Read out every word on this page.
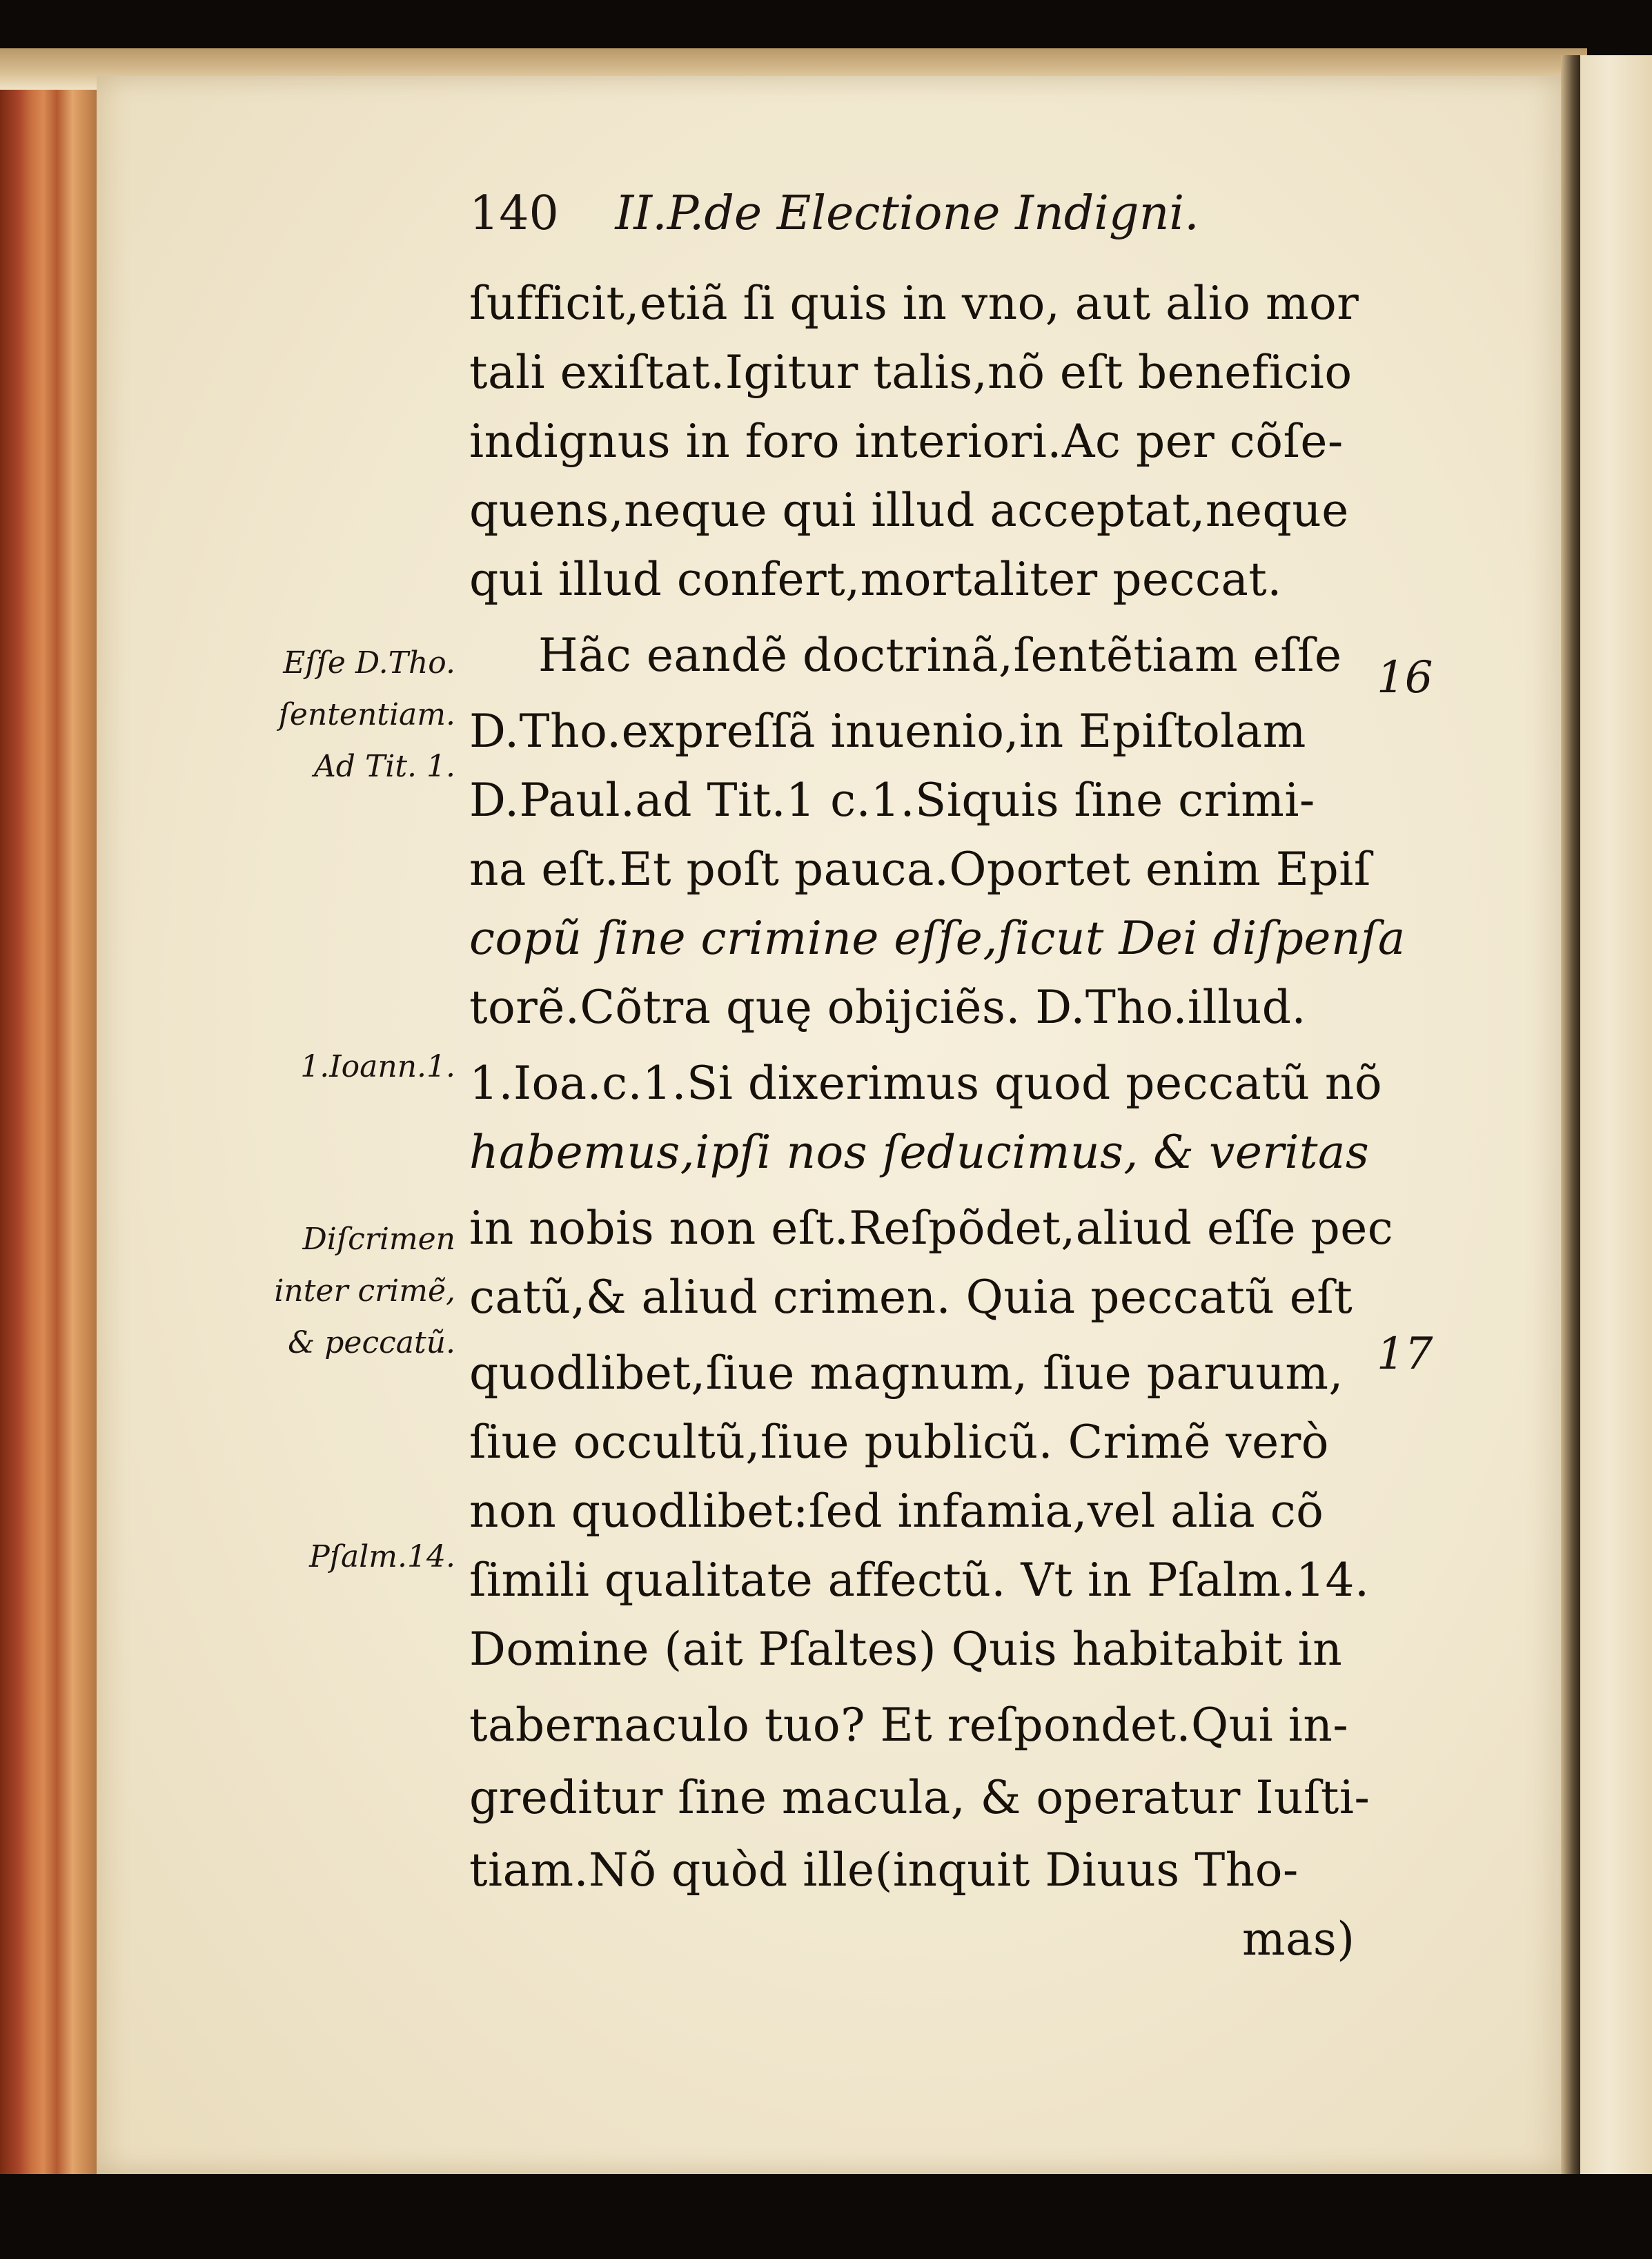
140 II.P.de Electione Indigni.
ſufficit,etiã ſi quis in vno, aut alio mor
tali exiſtat.Igitur talis,nõ eſt beneficio
indignus in foro interiori.Ac per cõſe-
quens,neque qui illud acceptat,neque
qui illud confert,mortaliter peccat.
Hãc eandẽ doctrinã,ſentẽtiam eſſe
D.Tho.expreſſã inuenio,in Epiſtolam
D.Paul.ad Tit.1 c.1.Siquis ſine crimi-
na eſt.Et poſt pauca.Oportet enim Epiſ
copũ ſine crimine eſſe,ſicut Dei diſpenſa
torẽ.Cõtra quę obijciẽs. D.Tho.illud.
1.Ioa.c.1.Si dixerimus quod peccatũ nõ
habemus,ipſi nos ſeducimus, & veritas
in nobis non eſt.Reſpõdet,aliud eſſe pec
catũ,& aliud crimen. Quia peccatũ eſt
quodlibet,ſiue magnum, ſiue paruum,
ſiue occultũ,ſiue publicũ. Crimẽ verò
non quodlibet:ſed infamia,vel alia cõ
ſimili qualitate affectũ. Vt in Pſalm.14.
Domine (ait Pſaltes) Quis habitabit in
tabernaculo tuo? Et reſpondet.Qui in-
greditur ſine macula, & operatur Iuſti-
tiam.Nõ quòd ille(inquit Diuus Tho-
mas)
Eſſe D.Tho.
ſententiam.
Ad Tit. 1.
1.Ioann.1.
Diſcrimen
inter crimẽ,
& peccatũ.
Pſalm.14.
16
17
